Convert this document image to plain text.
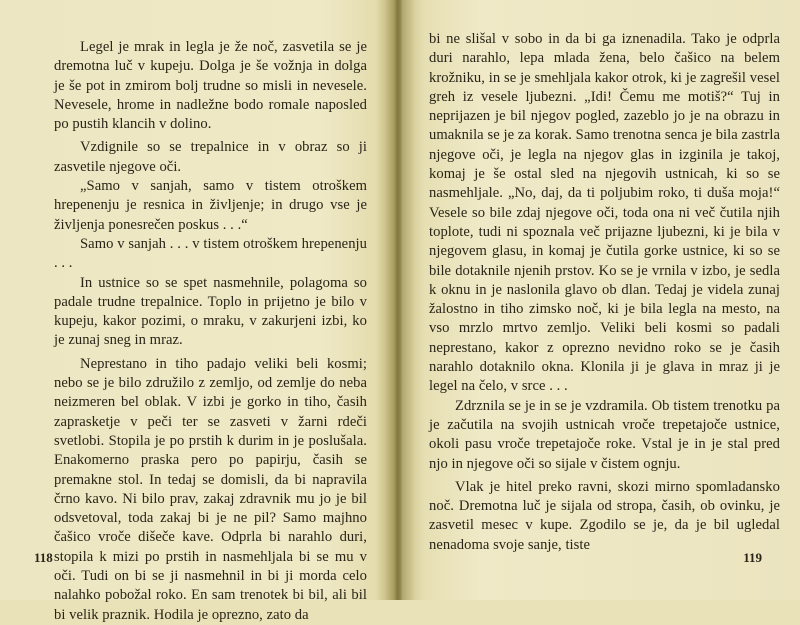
Legel je mrak in legla je že noč, zasvetila se je dremotna luč v kupeju. Dolga je še vožnja in dolga je še pot in zmirom bolj trudne so misli in nevesele. Nevesele, hrome in nadležne bodo romale naposled po pustih klancih v dolino.

Vzdignile so se trepalnice in v obraz so ji zasvetile njegove oči.

„Samo v sanjah, samo v tistem otroškem hrepenenju je resnica in življenje; in drugo vse je življenja ponesrečen poskus . . .“

Samo v sanjah . . . v tistem otroškem hrepenenju . . .

In ustnice so se spet nasmehnile, polagoma so padale trudne trepalnice. Toplo in prijetno je bilo v kupeju, kakor pozimi, o mraku, v zakurjeni izbi, ko je zunaj sneg in mraz.

Neprestano in tiho padajo veliki beli kosmi; nebo se je bilo združilo z zemljo, od zemlje do neba neizmeren bel oblak. V izbi je gorko in tiho, časih zaprasketje v peči ter se zasveti v žarni rdeči svetlobi. Stopila je po prstih k durim in je poslušala. Enakomerno praska pero po papirju, časih se premakne stol. In tedaj se domisli, da bi napravila črno kavo. Ni bilo prav, zakaj zdravnik mu jo je bil odsvetoval, toda zakaj bi je ne pil? Samo majhno čašico vroče dišeče kave. Odprla bi narahlo duri, stopila k mizi po prstih in nasmehljala bi se mu v oči. Tudi on bi se ji nasmehnil in bi ji morda celo nalahko pobožal roko. En sam trenotek bi bil, ali bil bi velik praznik. Hodila je oprezno, zato da

118

bi ne slišal v sobo in da bi ga iznenadila. Tako je odprla duri narahlo, lepa mlada žena, belo čašico na belem krožniku, in se je smehljala kakor otrok, ki je zagrešil vesel greh iz vesele ljubezni. „Idi! Čemu me motiš?“ Tuj in neprijazen je bil njegov pogled, zazeblo jo je na obrazu in umaknila se je za korak. Samo trenotna senca je bila zastrla njegove oči, je legla na njegov glas in izginila je takoj, komaj je še ostal sled na njegovih ustnicah, ki so se nasmehljale. „No, daj, da ti poljubim roko, ti duša moja!“ Vesele so bile zdaj njegove oči, toda ona ni več čutila njih toplote, tudi ni spoznala več prijazne ljubezni, ki je bila v njegovem glasu, in komaj je čutila gorke ustnice, ki so se bile dotaknile njenih prstov. Ko se je vrnila v izbo, je sedla k oknu in je naslonila glavo ob dlan. Tedaj je videla zunaj žalostno in tiho zimsko noč, ki je bila legla na mesto, na vso mrzlo mrtvo zemljo. Veliki beli kosmi so padali neprestano, kakor z oprezno nevidno roko se je časih narahlo dotaknilo okna. Klonila ji je glava in mraz ji je legel na čelo, v srce . . .

Zdrznila se je in se je vzdramila. Ob tistem trenotku pa je začutila na svojih ustnicah vroče trepetajoče ustnice, okoli pasu vroče trepetajoče roke. Vstal je in je stal pred njo in njegove oči so sijale v čistem ognju.

Vlak je hitel preko ravni, skozi mirno spomladansko noč. Dremotna luč je sijala od stropa, časih, ob ovinku, je zasvetil mesec v kupe. Zgodilo se je, da je bil ugledal nenadoma svoje sanje, tiste

119
